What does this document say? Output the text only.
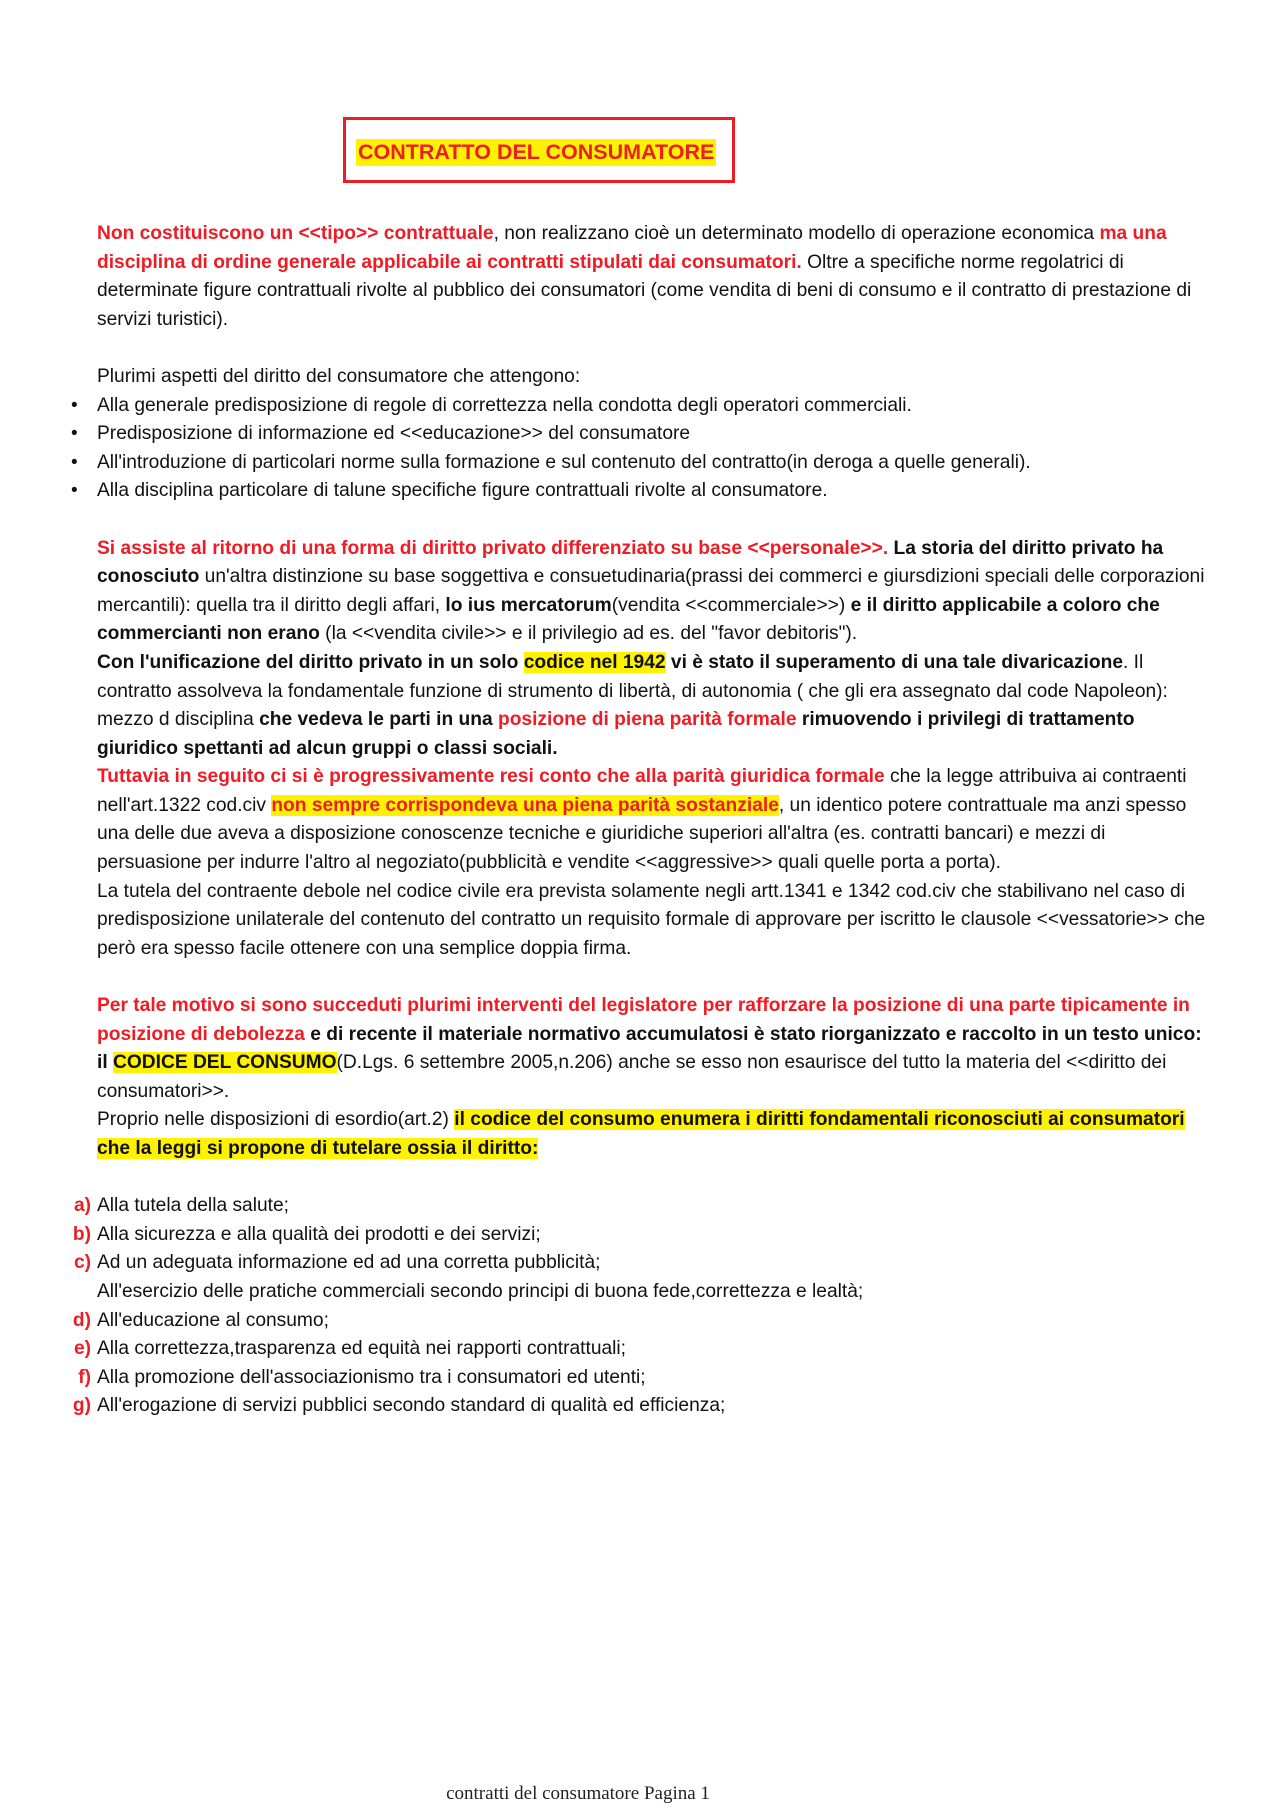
CONTRATTO DEL CONSUMATORE

Non costituiscono un <<tipo>> contrattuale, non realizzano cioè un determinato modello di operazione economica ma una disciplina di ordine generale applicabile ai contratti stipulati dai consumatori. Oltre a specifiche norme regolatrici di determinate figure contrattuali rivolte al pubblico dei consumatori (come vendita di beni di consumo e il contratto di prestazione di servizi turistici).

Plurimi aspetti del diritto del consumatore che attengono:

• Alla generale predisposizione di regole di correttezza nella condotta degli operatori commerciali.
• Predisposizione di informazione ed <<educazione>> del consumatore
• All'introduzione di particolari norme sulla formazione e sul contenuto del contratto(in deroga a quelle generali).
• Alla disciplina particolare di talune specifiche figure contrattuali rivolte al consumatore.

Si assiste al ritorno di una forma di diritto privato differenziato su base <<personale>>. La storia del diritto privato ha conosciuto un'altra distinzione su base soggettiva e consuetudinaria(prassi dei commerci e giursdizioni speciali delle corporazioni mercantili): quella tra il diritto degli affari, lo ius mercatorum(vendita <<commerciale>>) e il diritto applicabile a coloro che commercianti non erano (la <<vendita civile>> e il privilegio ad es. del "favor debitoris").

Con l'unificazione del diritto privato in un solo codice nel 1942 vi è stato il superamento di una tale divaricazione. Il contratto assolveva la fondamentale funzione di strumento di libertà, di autonomia ( che gli era assegnato dal code Napoleon): mezzo d disciplina che vedeva le parti in una posizione di piena parità formale rimuovendo i privilegi di trattamento giuridico spettanti ad alcun gruppi o classi sociali.

Tuttavia in seguito ci si è progressivamente resi conto che alla parità giuridica formale che la legge attribuiva ai contraenti nell'art.1322 cod.civ non sempre corrispondeva una piena parità sostanziale, un identico potere contrattuale ma anzi spesso una delle due aveva a disposizione conoscenze tecniche e giuridiche superiori all'altra (es. contratti bancari) e mezzi di persuasione per indurre l'altro al negoziato(pubblicità e vendite <<aggressive>> quali quelle porta a porta).

La tutela del contraente debole nel codice civile era prevista solamente negli artt.1341 e 1342 cod.civ che stabilivano nel caso di predisposizione unilaterale del contenuto del contratto un requisito formale di approvare per iscritto le clausole <<vessatorie>> che però era spesso facile ottenere con una semplice doppia firma.

Per tale motivo si sono succeduti plurimi interventi del legislatore per rafforzare la posizione di una parte tipicamente in posizione di debolezza e di recente il materiale normativo accumulatosi è stato riorganizzato e raccolto in un testo unico: il CODICE DEL CONSUMO(D.Lgs. 6 settembre 2005,n.206) anche se esso non esaurisce del tutto la materia del <<diritto dei consumatori>>.

Proprio nelle disposizioni di esordio(art.2) il codice del consumo enumera i diritti fondamentali riconosciuti ai consumatori che la leggi si propone di tutelare ossia il diritto:

a) Alla tutela della salute;
b) Alla sicurezza e alla qualità dei prodotti e dei servizi;
c) Ad un adeguata informazione ed ad una corretta pubblicità;
All'esercizio delle pratiche commerciali secondo principi di buona fede,correttezza e lealtà;
d) All'educazione al consumo;
e) Alla correttezza,trasparenza ed equità nei rapporti contrattuali;
f) Alla promozione dell'associazionismo tra i consumatori ed utenti;
g) All'erogazione di servizi pubblici secondo standard di qualità ed efficienza;
contratti del consumatore Pagina 1
